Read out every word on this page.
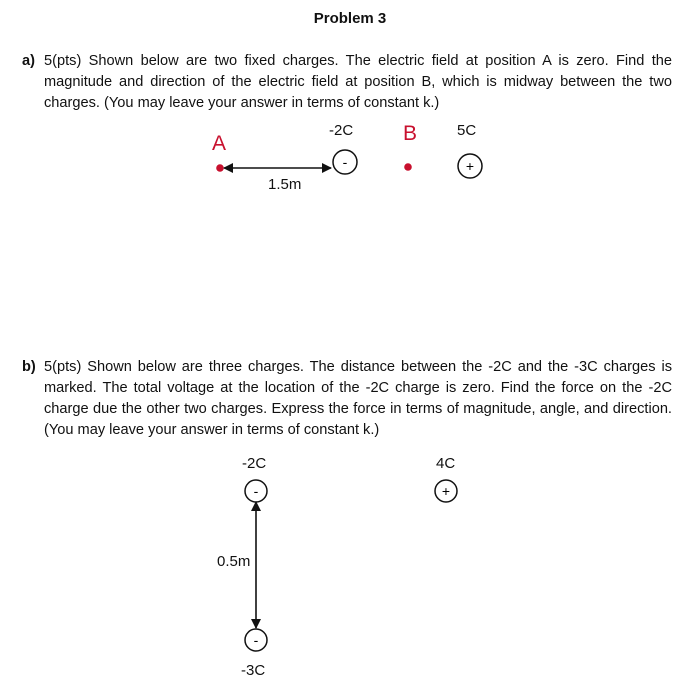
Problem 3
a) 5(pts) Shown below are two fixed charges. The electric field at position A is zero. Find the magnitude and direction of the electric field at position B, which is midway between the two charges. (You may leave your answer in terms of constant k.)
A
-2C B	5C
1.5m
b) 5(pts) Shown below are three charges. The distance between the -2C and the -3C charges is marked. The total voltage at the location of the -2C charge is zero. Find the force on the -2C charge due the other two charges. Express the force in terms of magnitude, angle, and direction. (You may leave your answer in terms of constant k.)
-2C	4C
0.5m
-3C
-	+
-
-
+
